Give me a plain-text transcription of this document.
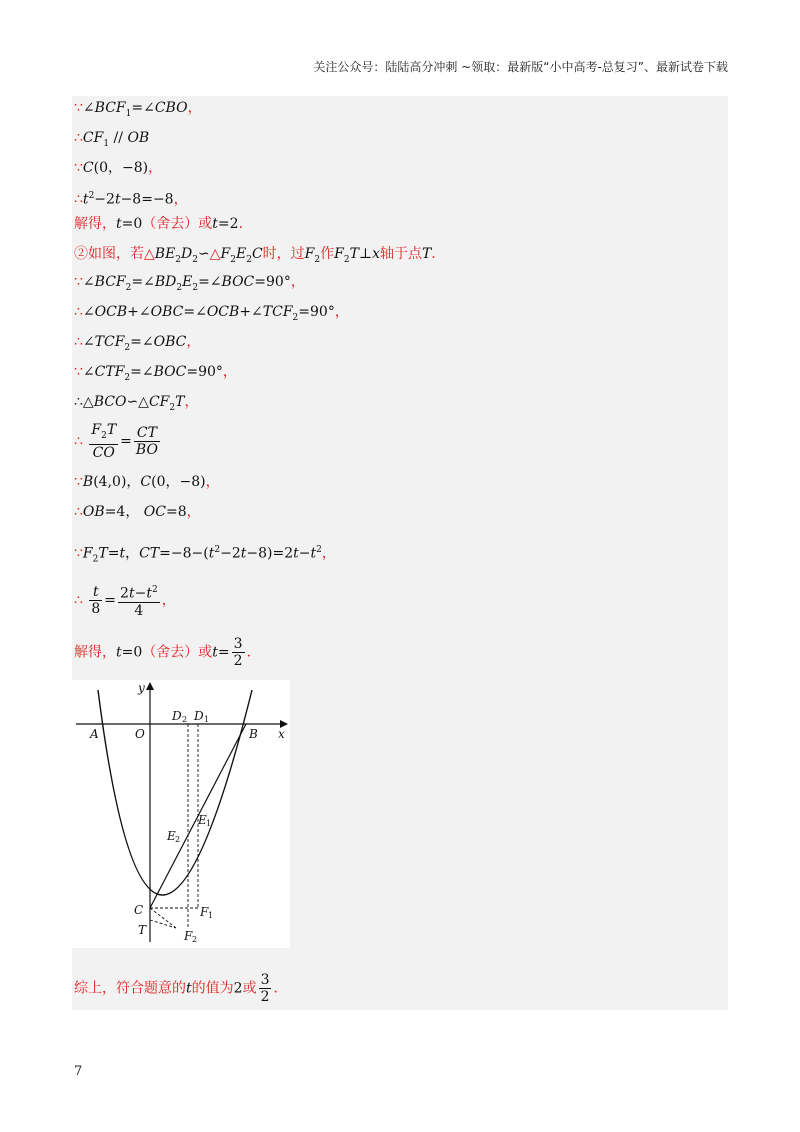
关注公众号：陆陆高分冲刺 ~领取：最新版“小中高考-总复习”、最新试卷下载
$\because\angle BCF_1=\angle CBO$，
$\therefore CF_1$ // OB
∵C(0，−8)，
$\therefore t^2-2t-8=-8$，
解得，t=0（舍去）或t=2．
②如图，若$\triangle BE_2D_2∽\triangle F_2E_2C$时，过$F_2$作$F_2T\perp x$轴于点T．
$\because\angle BCF_2=\angle BD_2E_2=\angle BOC=90^\circ$，
$\therefore\angle OCB+\angle OBC=\angle OCB+\angle TCF_2=90^\circ$，
$\therefore\angle TCF_2=\angle OBC$，
$\because\angle CTF_2=\angle BOC=90^\circ$，
$\therefore\triangle BCO∽\triangle CF_2T$，
∴ $\frac{F_2T}{CO} = \frac{CT}{BO}$
∵B(4,0)，C(0，−8)，
∴OB=4， OC=8，
$\because F_2T=t$，$CT=-8-(t^2-2t-8)=2t-t^2$，
∴ $\frac{t}{8} = \frac{2t-t^2}{4}$ ，
解得，t=0（舍去）或$t= \frac{3}{2}$ ．
y
x
A	O	B
D 2 D 1
E 1
E 2
C	F 1
T	F 2
综上，符合题意的t的值为2或 $\frac{3}{2}$ ．
7
